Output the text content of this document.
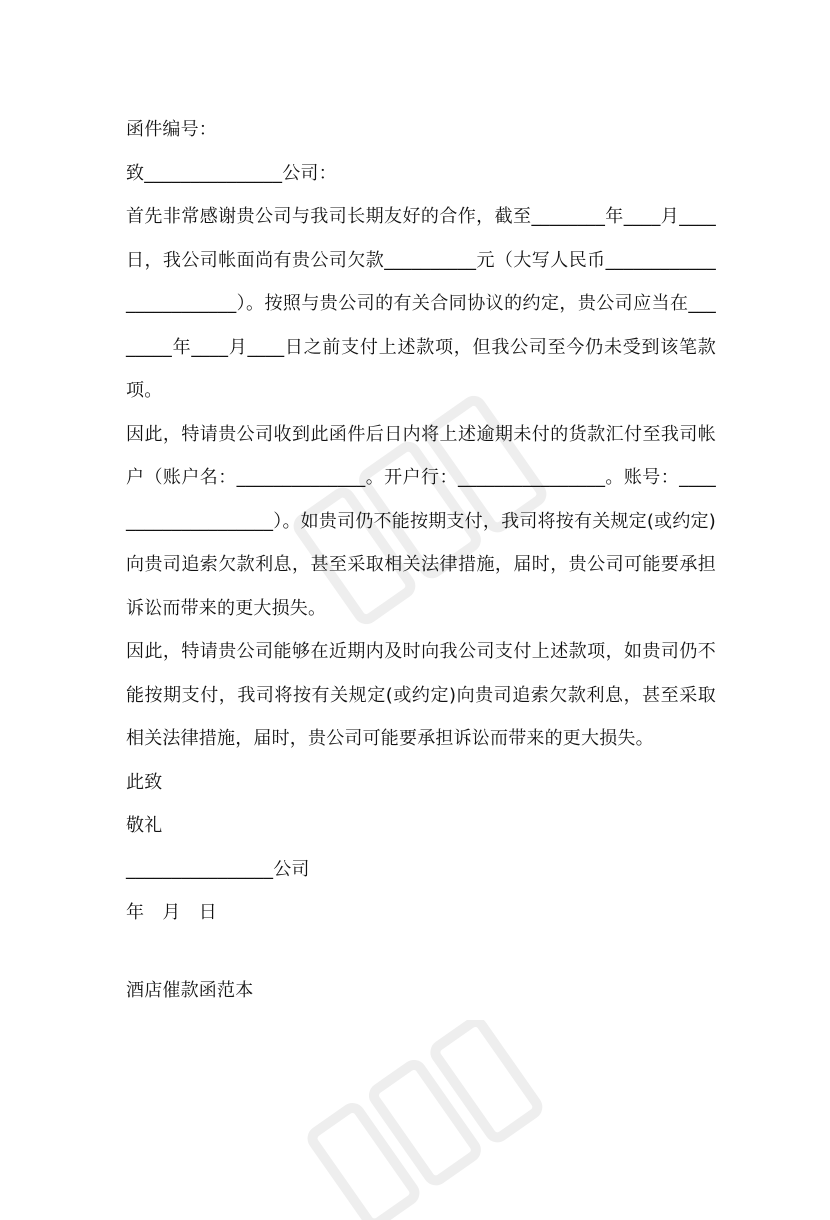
函件编号：

致_______________公司：

首先非常感谢贵公司与我司长期友好的合作，截至________年____月____日，我公司帐面尚有贵公司欠款__________元（大写人民币________________________）。按照与贵公司的有关合同协议的约定，贵公司应当在________年____月____日之前支付上述款项，但我公司至今仍未受到该笔款项。

因此，特请贵公司收到此函件后日内将上述逾期未付的货款汇付至我司帐户（账户名：______________。开户行：________________。账号：____________________）。如贵司仍不能按期支付，我司将按有关规定(或约定)向贵司追索欠款利息，甚至采取相关法律措施，届时，贵公司可能要承担诉讼而带来的更大损失。

因此，特请贵公司能够在近期内及时向我公司支付上述款项，如贵司仍不能按期支付，我司将按有关规定(或约定)向贵司追索欠款利息，甚至采取相关法律措施，届时，贵公司可能要承担诉讼而带来的更大损失。

此致

敬礼

________________公司

年　月　日

酒店催款函范本
